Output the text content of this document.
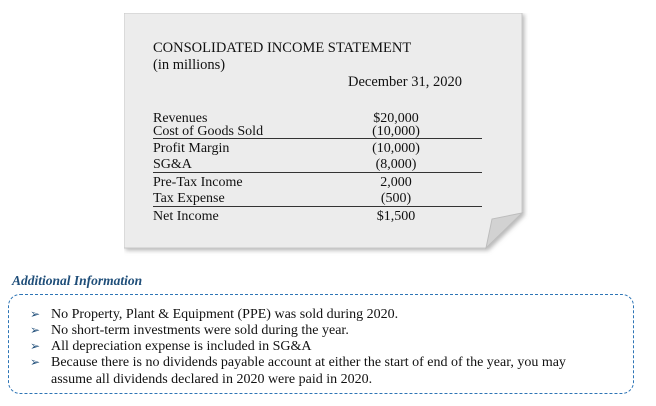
CONSOLIDATED INCOME STATEMENT
(in millions)
December 31, 2020
Revenues	$20,000
Cost of Goods Sold	(10,000)
Profit Margin	(10,000)
SG&A	(8,000)
Pre-Tax Income	2,000
Tax Expense	(500)
Net Income	$1,500
Additional Information
➢ No Property, Plant & Equipment (PPE) was sold during 2020.
➢ No short-term investments were sold during the year.
➢ All depreciation expense is included in SG&A
➢ Because there is no dividends payable account at either the start of end of the year, you may
assume all dividends declared in 2020 were paid in 2020.
